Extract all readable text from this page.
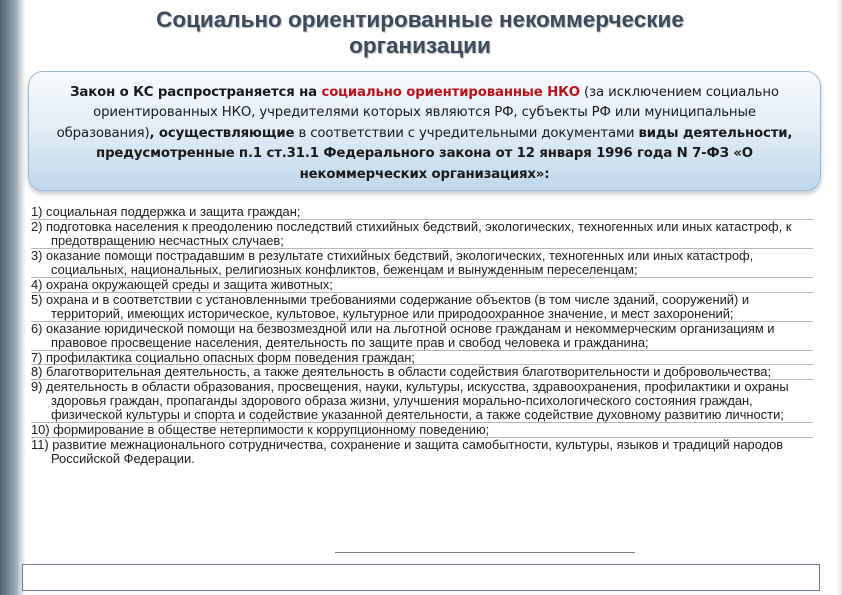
Социально ориентированные некоммерческие
организации
Закон о КС распространяется на социально ориентированные НКО (за исключением социально ориентированных НКО, учредителями которых являются РФ, субъекты РФ или муниципальные образования), осуществляющие в соответствии с учредительными документами виды деятельности, предусмотренные п.1 ст.31.1 Федерального закона от 12 января 1996 года N 7-ФЗ «О некоммерческих организациях»:
1) социальная поддержка и защита граждан;
2) подготовка населения к преодолению последствий стихийных бедствий, экологических, техногенных или иных катастроф, к предотвращению несчастных случаев;
3) оказание помощи пострадавшим в результате стихийных бедствий, экологических, техногенных или иных катастроф, социальных, национальных, религиозных конфликтов, беженцам и вынужденным переселенцам;
4) охрана окружающей среды и защита животных;
5) охрана и в соответствии с установленными требованиями содержание объектов (в том числе зданий, сооружений) и территорий, имеющих историческое, культовое, культурное или природоохранное значение, и мест захоронений;
6) оказание юридической помощи на безвозмездной или на льготной основе гражданам и некоммерческим организациям и правовое просвещение населения, деятельность по защите прав и свобод человека и гражданина;
7) профилактика социально опасных форм поведения граждан;
8) благотворительная деятельность, а также деятельность в области содействия благотворительности и добровольчества;
9) деятельность в области образования, просвещения, науки, культуры, искусства, здравоохранения, профилактики и охраны здоровья граждан, пропаганды здорового образа жизни, улучшения морально-психологического состояния граждан, физической культуры и спорта и содействие указанной деятельности, а также содействие духовному развитию личности;
10) формирование в обществе нетерпимости к коррупционному поведению;
11) развитие межнационального сотрудничества, сохранение и защита самобытности, культуры, языков и традиций народов Российской Федерации.
